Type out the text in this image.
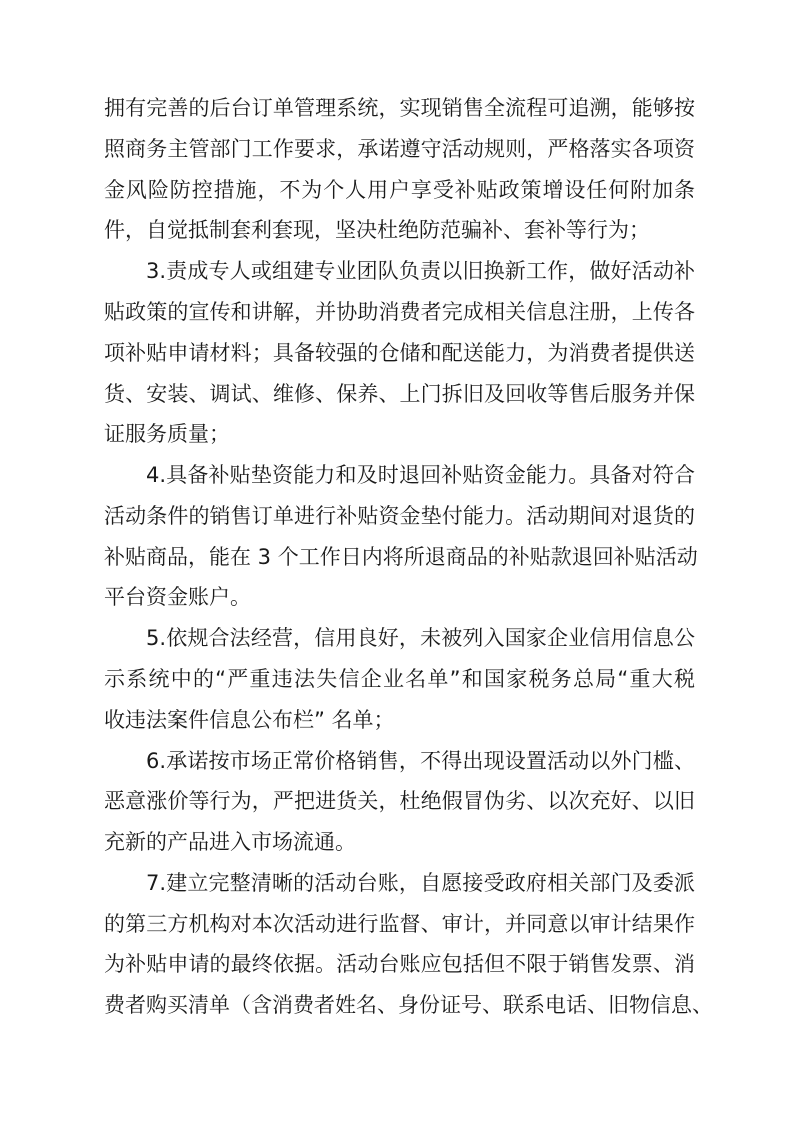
拥有完善的后台订单管理系统，实现销售全流程可追溯，能够按
照商务主管部门工作要求，承诺遵守活动规则，严格落实各项资
金风险防控措施，不为个人用户享受补贴政策增设任何附加条
件，自觉抵制套利套现，坚决杜绝防范骗补、套补等行为；
3.责成专人或组建专业团队负责以旧换新工作，做好活动补
贴政策的宣传和讲解，并协助消费者完成相关信息注册，上传各
项补贴申请材料；具备较强的仓储和配送能力，为消费者提供送
货、安装、调试、维修、保养、上门拆旧及回收等售后服务并保
证服务质量；
4.具备补贴垫资能力和及时退回补贴资金能力。具备对符合
活动条件的销售订单进行补贴资金垫付能力。活动期间对退货的
补贴商品，能在 3 个工作日内将所退商品的补贴款退回补贴活动
平台资金账户。
5.依规合法经营，信用良好，未被列入国家企业信用信息公
示系统中的“严重违法失信企业名单”和国家税务总局“重大税
收违法案件信息公布栏” 名单；
6.承诺按市场正常价格销售，不得出现设置活动以外门槛、
恶意涨价等行为，严把进货关，杜绝假冒伪劣、以次充好、以旧
充新的产品进入市场流通。
7.建立完整清晰的活动台账，自愿接受政府相关部门及委派
的第三方机构对本次活动进行监督、审计，并同意以审计结果作
为补贴申请的最终依据。活动台账应包括但不限于销售发票、消
费者购买清单（含消费者姓名、身份证号、联系电话、旧物信息、
